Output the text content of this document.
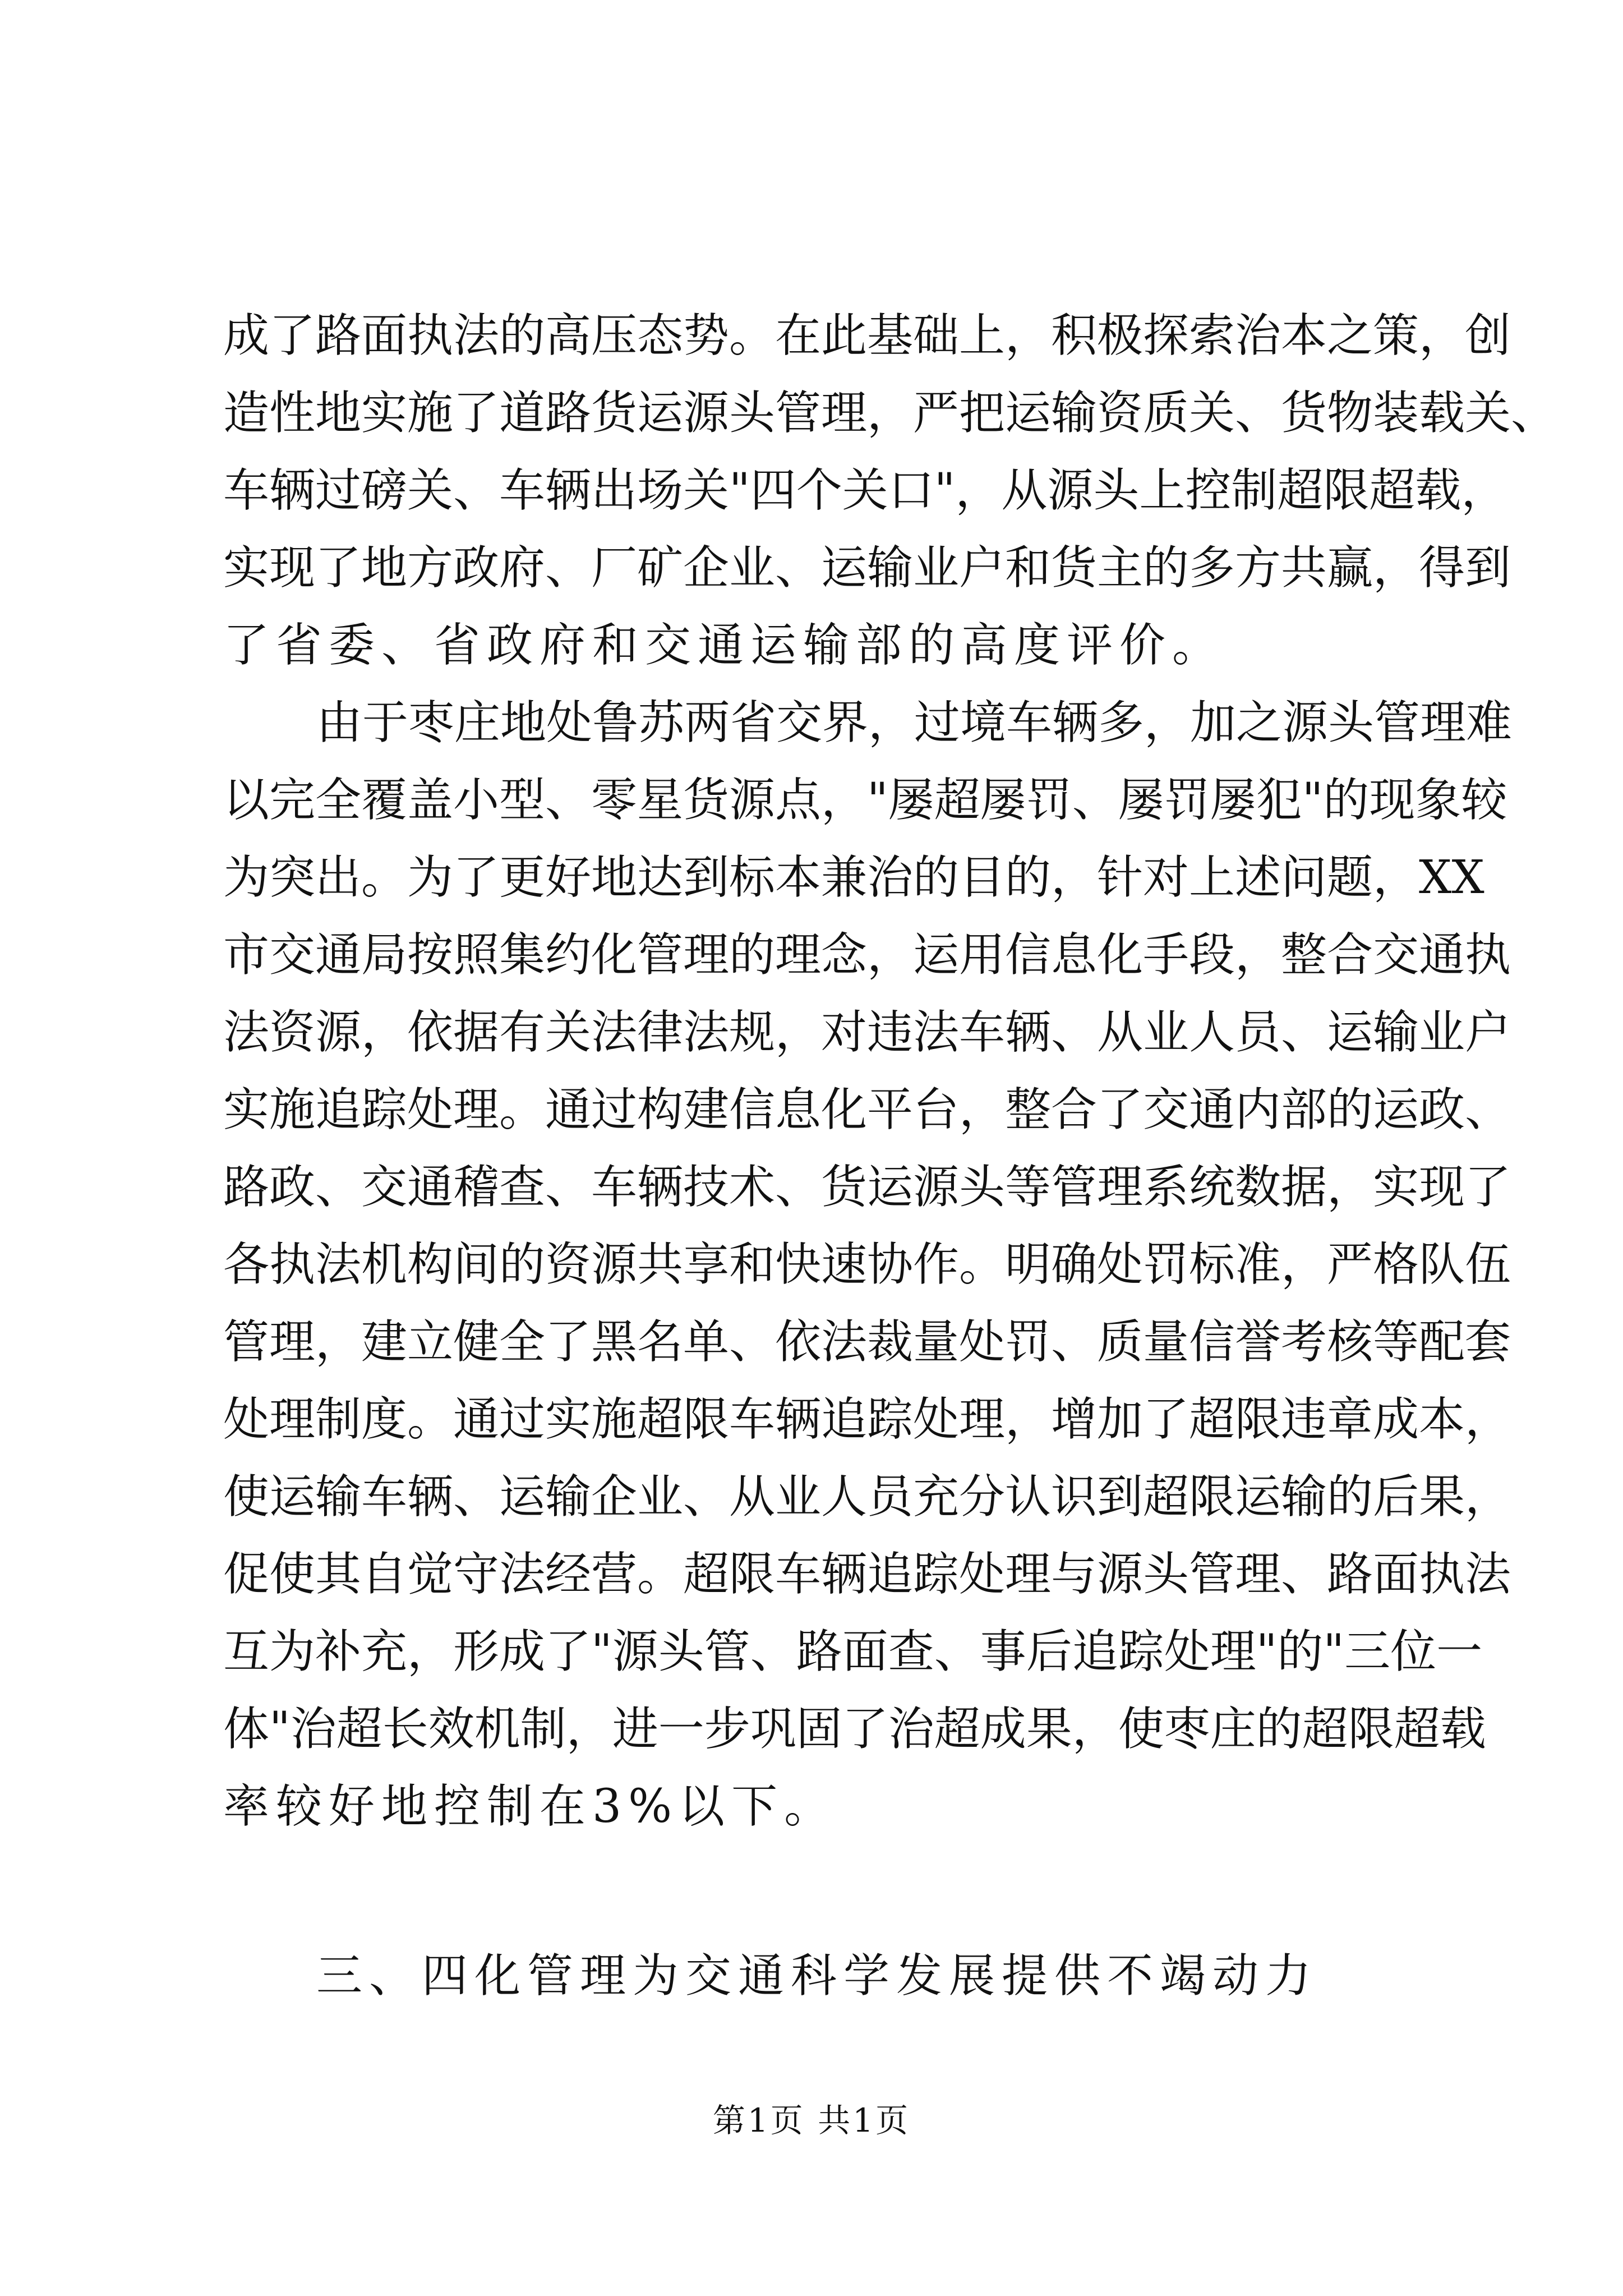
成了路面执法的高压态势。在此基础上，积极探索治本之策，创
造性地实施了道路货运源头管理，严把运输资质关、货物装载关、
车辆过磅关、车辆出场关"四个关口"，从源头上控制超限超载，
实现了地方政府、厂矿企业、运输业户和货主的多方共赢，得到
了省委、省政府和交通运输部的高度评价。
由于枣庄地处鲁苏两省交界，过境车辆多，加之源头管理难
以完全覆盖小型、零星货源点，"屡超屡罚、屡罚屡犯"的现象较
为突出。为了更好地达到标本兼治的目的，针对上述问题，XX
市交通局按照集约化管理的理念，运用信息化手段，整合交通执
法资源，依据有关法律法规，对违法车辆、从业人员、运输业户
实施追踪处理。通过构建信息化平台，整合了交通内部的运政、
路政、交通稽查、车辆技术、货运源头等管理系统数据，实现了
各执法机构间的资源共享和快速协作。明确处罚标准，严格队伍
管理，建立健全了黑名单、依法裁量处罚、质量信誉考核等配套
处理制度。通过实施超限车辆追踪处理，增加了超限违章成本，
使运输车辆、运输企业、从业人员充分认识到超限运输的后果，
促使其自觉守法经营。超限车辆追踪处理与源头管理、路面执法
互为补充，形成了"源头管、路面查、事后追踪处理"的"三位一
体"治超长效机制，进一步巩固了治超成果，使枣庄的超限超载
率较好地控制在3%以下。
三、四化管理为交通科学发展提供不竭动力
第1页 共1页
